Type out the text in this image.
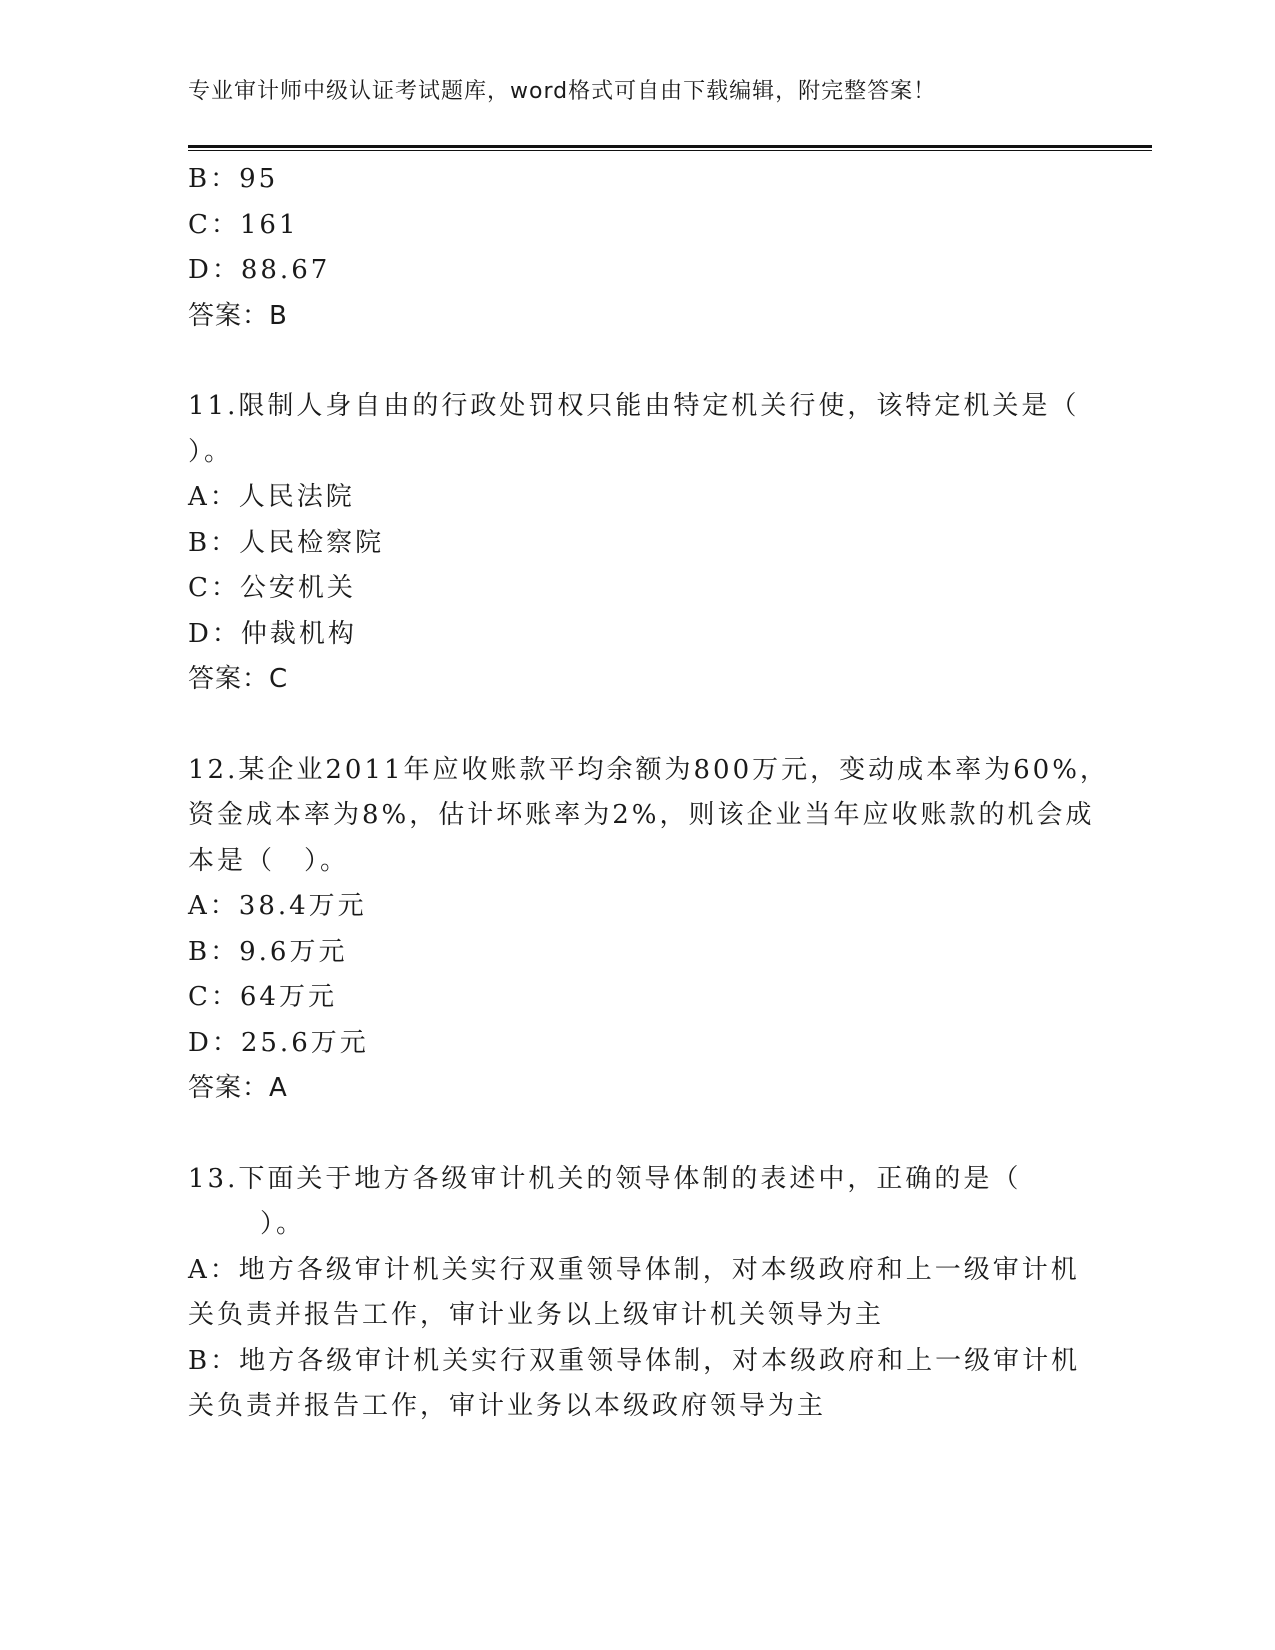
专业审计师中级认证考试题库，word格式可自由下载编辑，附完整答案！
B：95
C：161
D：88.67
答案：B
11.限制人身自由的行政处罚权只能由特定机关行使，该特定机关是（
）。
A：人民法院
B：人民检察院
C：公安机关
D：仲裁机构
答案：C
12.某企业2011年应收账款平均余额为800万元，变动成本率为60%，
资金成本率为8%，估计坏账率为2%，则该企业当年应收账款的机会成
本是（　）。
A：38.4万元
B：9.6万元
C：64万元
D：25.6万元
答案：A
13.下面关于地方各级审计机关的领导体制的表述中，正确的是（
）。
A：地方各级审计机关实行双重领导体制，对本级政府和上一级审计机
关负责并报告工作，审计业务以上级审计机关领导为主
B：地方各级审计机关实行双重领导体制，对本级政府和上一级审计机
关负责并报告工作，审计业务以本级政府领导为主
